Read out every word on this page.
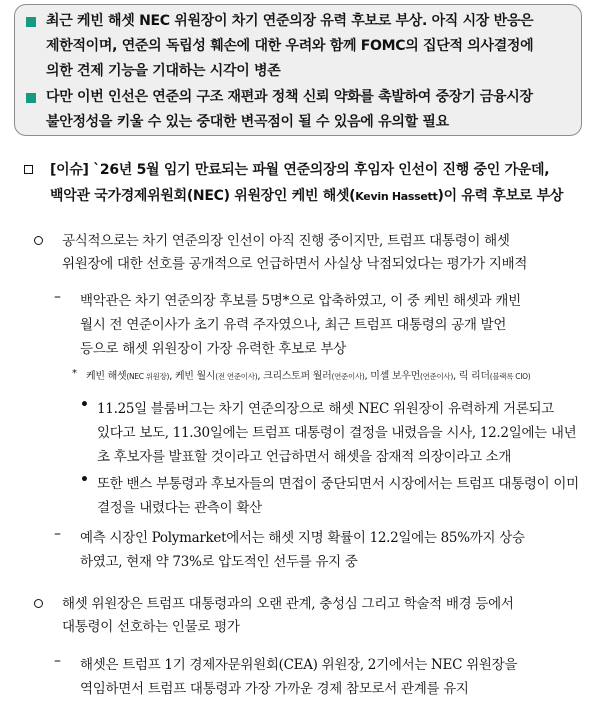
최근 케빈 해셋 NEC 위원장이 차기 연준의장 유력 후보로 부상. 아직 시장 반응은
제한적이며, 연준의 독립성 훼손에 대한 우려와 함께 FOMC의 집단적 의사결정에
의한 견제 기능을 기대하는 시각이 병존
다만 이번 인선은 연준의 구조 재편과 정책 신뢰 약화를 촉발하여 중장기 금융시장
불안정성을 키울 수 있는 중대한 변곡점이 될 수 있음에 유의할 필요
[이슈] `26년 5월 임기 만료되는 파월 연준의장의 후임자 인선이 진행 중인 가운데,
백악관 국가경제위원회(NEC) 위원장인 케빈 해셋(Kevin Hassett)이 유력 후보로 부상
공식적으로는 차기 연준의장 인선이 아직 진행 중이지만, 트럼프 대통령이 해셋
위원장에 대한 선호를 공개적으로 언급하면서 사실상 낙점되었다는 평가가 지배적
– 백악관은 차기 연준의장 후보를 5명*으로 압축하였고, 이 중 케빈 해셋과 캐빈
월시 전 연준이사가 초기 유력 주자였으나, 최근 트럼프 대통령의 공개 발언
등으로 해셋 위원장이 가장 유력한 후보로 부상
* 케빈 해셋(NEC 위원장), 케빈 월시(전 연준이사), 크리스토퍼 월러(연준이사), 미셸 보우먼(연준이사), 릭 리더(블랙록 CIO)
• 11.25일 블룸버그는 차기 연준의장으로 해셋 NEC 위원장이 유력하게 거론되고
있다고 보도, 11.30일에는 트럼프 대통령이 결정을 내렸음을 시사, 12.2일에는 내년
초 후보자를 발표할 것이라고 언급하면서 해셋을 잠재적 의장이라고 소개
• 또한 밴스 부통령과 후보자들의 면접이 중단되면서 시장에서는 트럼프 대통령이 이미
결정을 내렸다는 관측이 확산
– 예측 시장인 Polymarket에서는 해셋 지명 확률이 12.2일에는 85%까지 상승
하였고, 현재 약 73%로 압도적인 선두를 유지 중
해셋 위원장은 트럼프 대통령과의 오랜 관계, 충성심 그리고 학술적 배경 등에서
대통령이 선호하는 인물로 평가
– 해셋은 트럼프 1기 경제자문위원회(CEA) 위원장, 2기에서는 NEC 위원장을
역임하면서 트럼프 대통령과 가장 가까운 경제 참모로서 관계를 유지
